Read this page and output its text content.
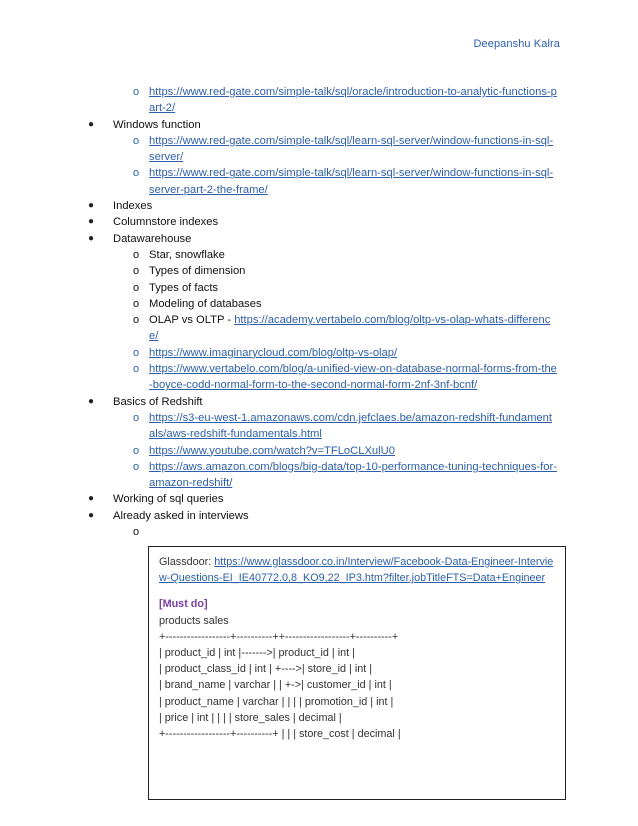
Deepanshu Kalra
o https://www.red-gate.com/simple-talk/sql/oracle/introduction-to-analytic-functions-part-2/
● Windows function
o https://www.red-gate.com/simple-talk/sql/learn-sql-server/window-functions-in-sql-server/
o https://www.red-gate.com/simple-talk/sql/learn-sql-server/window-functions-in-sql-server-part-2-the-frame/
● Indexes
● Columnstore indexes
● Datawarehouse
o Star, snowflake
o Types of dimension
o Types of facts
o Modeling of databases
o OLAP vs OLTP - https://academy.vertabelo.com/blog/oltp-vs-olap-whats-difference/
o https://www.imaginarycloud.com/blog/oltp-vs-olap/
o https://www.vertabelo.com/blog/a-unified-view-on-database-normal-forms-from-the-boyce-codd-normal-form-to-the-second-normal-form-2nf-3nf-bcnf/
● Basics of Redshift
o https://s3-eu-west-1.amazonaws.com/cdn.jefclaes.be/amazon-redshift-fundamentals/aws-redshift-fundamentals.html
o https://www.youtube.com/watch?v=TFLoCLXulU0
o https://aws.amazon.com/blogs/big-data/top-10-performance-tuning-techniques-for-amazon-redshift/
● Working of sql queries
● Already asked in interviews
o
Glassdoor: https://www.glassdoor.co.in/Interview/Facebook-Data-Engineer-Interview-Questions-EI_IE40772.0,8_KO9,22_IP3.htm?filter.jobTitleFTS=Data+Engineer
[Must do]
products sales
+------------------+----------++------------------+----------+
| product_id | int |------->| product_id | int |
| product_class_id | int | +---->| store_id | int |
| brand_name | varchar | | +->| customer_id | int |
| product_name | varchar | | | | promotion_id | int |
| price | int | | | | store_sales | decimal |
+------------------+----------+ | | | store_cost | decimal |
